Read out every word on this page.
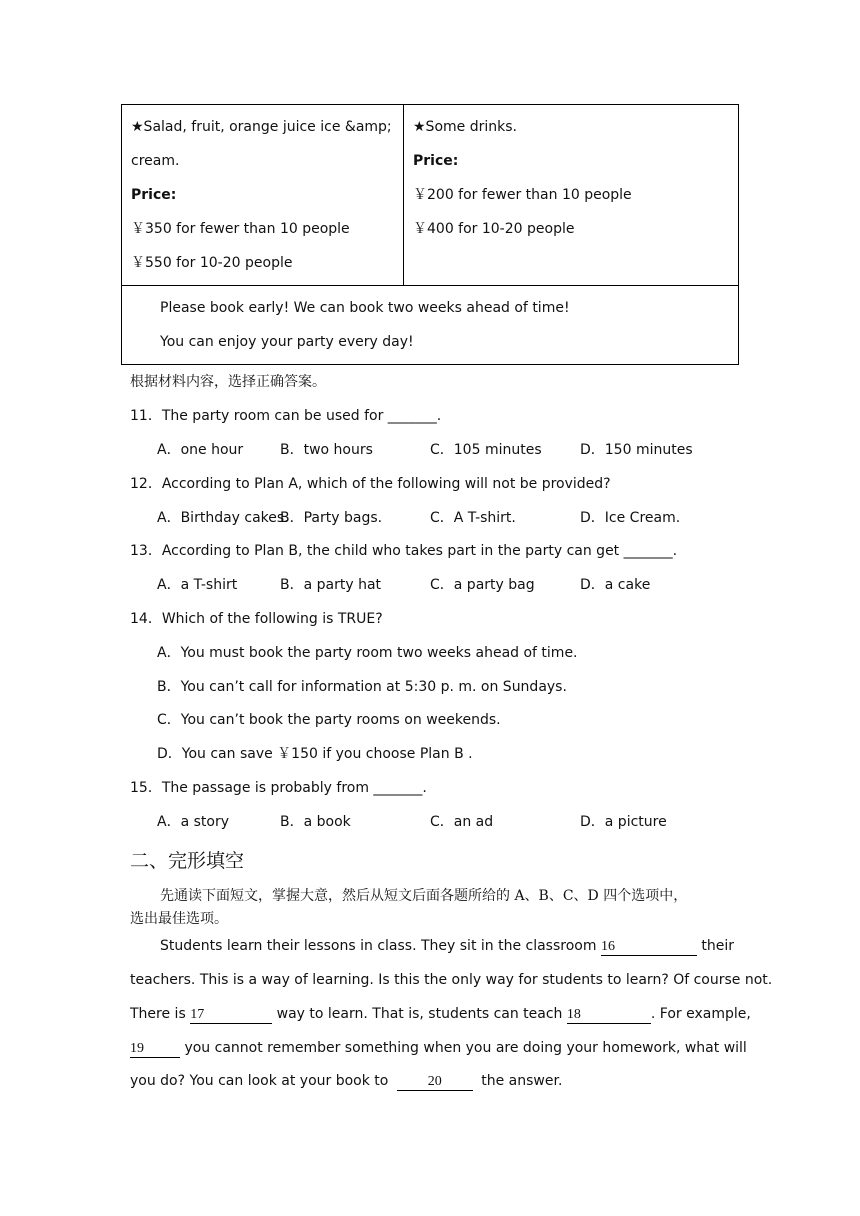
★Salad, fruit, orange juice ice &amp;
cream.
Price:
￥350 for fewer than 10 people
￥550 for 10-20 people
★Some drinks.
Price:
￥200 for fewer than 10 people
￥400 for 10-20 people
Please book early! We can book two weeks ahead of time!
You can enjoy your party every day!
根据材料内容，选择正确答案。
11．The party room can be used for _______.
A．one hour	B．two hours	C．105 minutes	D．150 minutes
12．According to Plan A, which of the following will not be provided?
A．Birthday cakes.
B．Party bags.	C．A T-shirt.	D．Ice Cream.
13．According to Plan B, the child who takes part in the party can get _______.
A．a T-shirt	B．a party hat	C．a party bag	D．a cake
14．Which of the following is TRUE?
A．You must book the party room two weeks ahead of time.
B．You can’t call for information at 5:30 p. m. on Sundays.
C．You can’t book the party rooms on weekends.
D．You can save ￥150 if you choose Plan B .
15．The passage is probably from _______.
A．a story	B．a book	C．an ad	D．a picture
二、完形填空
先通读下面短文，掌握大意，然后从短文后面各题所给的 A、B、C、D 四个选项中，
选出最佳选项。
Students learn their lessons in class. They sit in the classroom 16	their
teachers. This is a way of learning. Is this the only way for students to learn? Of course not.
There is 17	way to learn. That is, students can teach 18	. For example,
19	you cannot remember something when you are doing your homework, what will
you do? You can look at your book to	20	the answer.
